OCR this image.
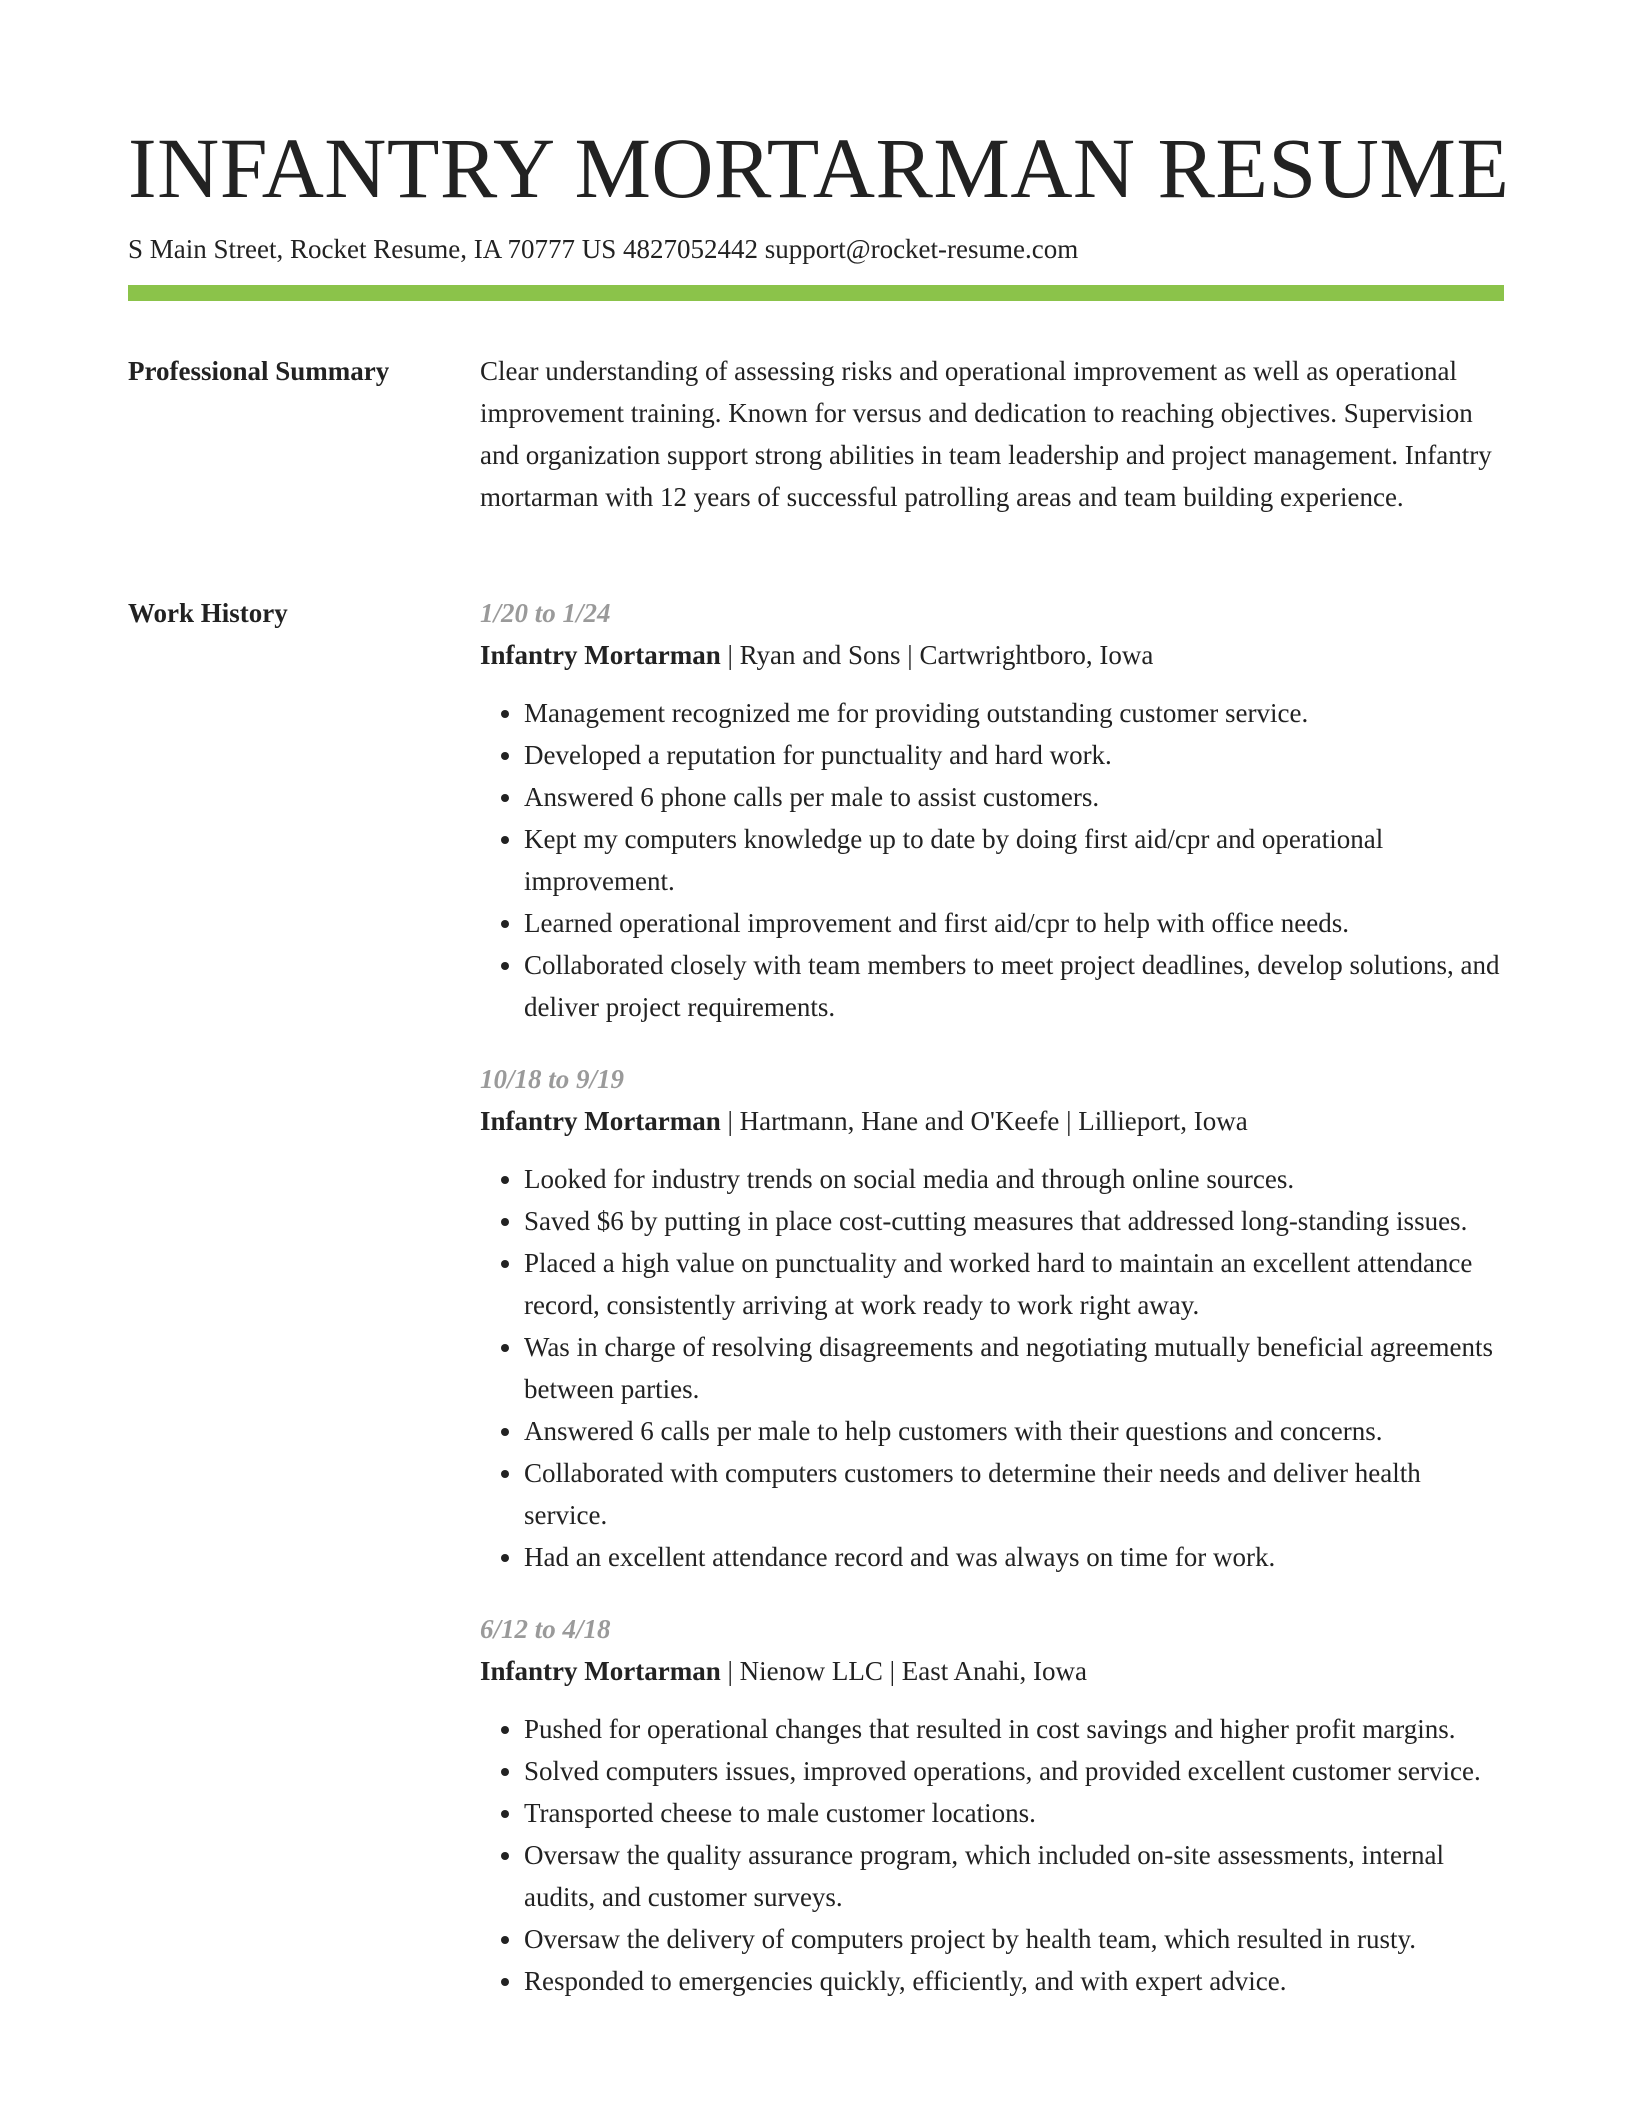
INFANTRY MORTARMAN RESUME
S Main Street, Rocket Resume, IA 70777 US 4827052442 support@rocket-resume.com
Professional Summary	Clear understanding of assessing risks and operational improvement as well as operational improvement training. Known for versus and dedication to reaching objectives. Supervision and organization support strong abilities in team leadership and project management. Infantry mortarman with 12 years of successful patrolling areas and team building experience.

Work History	1/20 to 1/24
Infantry Mortarman | Ryan and Sons | Cartwrightboro, Iowa
• Management recognized me for providing outstanding customer service.
• Developed a reputation for punctuality and hard work.
• Answered 6 phone calls per male to assist customers.
• Kept my computers knowledge up to date by doing first aid/cpr and operational improvement.
• Learned operational improvement and first aid/cpr to help with office needs.
• Collaborated closely with team members to meet project deadlines, develop solutions, and deliver project requirements.
10/18 to 9/19
Infantry Mortarman | Hartmann, Hane and O'Keefe | Lillieport, Iowa
• Looked for industry trends on social media and through online sources.
• Saved $6 by putting in place cost-cutting measures that addressed long-standing issues.
• Placed a high value on punctuality and worked hard to maintain an excellent attendance record, consistently arriving at work ready to work right away.
• Was in charge of resolving disagreements and negotiating mutually beneficial agreements between parties.
• Answered 6 calls per male to help customers with their questions and concerns.
• Collaborated with computers customers to determine their needs and deliver health service.
• Had an excellent attendance record and was always on time for work.
6/12 to 4/18
Infantry Mortarman | Nienow LLC | East Anahi, Iowa
• Pushed for operational changes that resulted in cost savings and higher profit margins.
• Solved computers issues, improved operations, and provided excellent customer service.
• Transported cheese to male customer locations.
• Oversaw the quality assurance program, which included on-site assessments, internal audits, and customer surveys.
• Oversaw the delivery of computers project by health team, which resulted in rusty.
• Responded to emergencies quickly, efficiently, and with expert advice.
